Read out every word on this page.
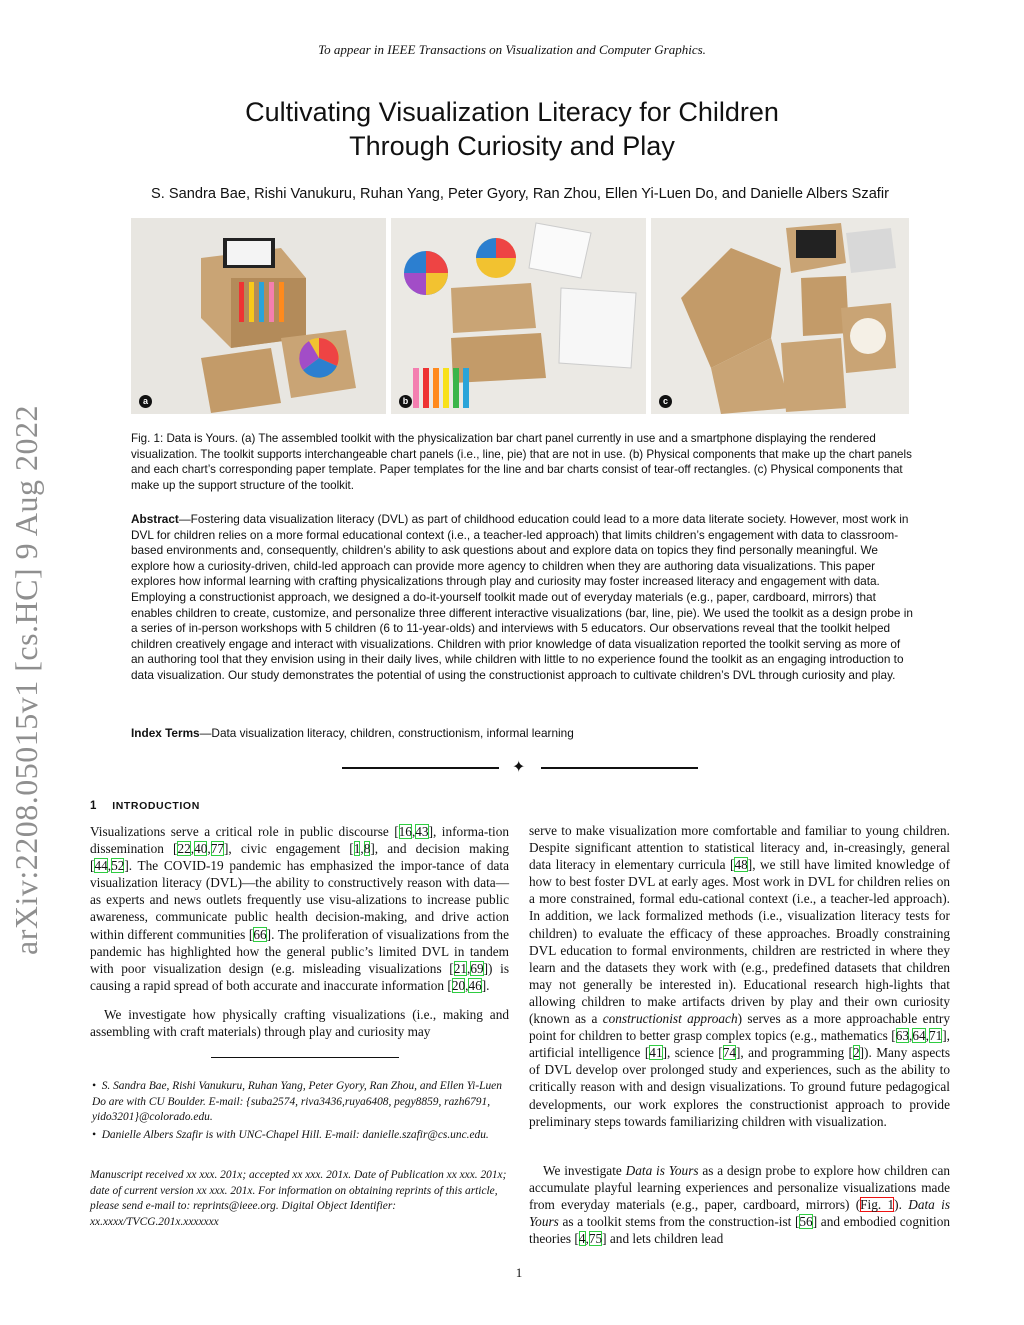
To appear in IEEE Transactions on Visualization and Computer Graphics.
Cultivating Visualization Literacy for Children
Through Curiosity and Play
S. Sandra Bae, Rishi Vanukuru, Ruhan Yang, Peter Gyory, Ran Zhou, Ellen Yi-Luen Do, and Danielle Albers Szafir
arXiv:2208.05015v1 [cs.HC] 9 Aug 2022
a	b	c

Fig. 1: Data is Yours. (a) The assembled toolkit with the physicalization bar chart panel currently in use and a smartphone displaying the rendered visualization. The toolkit supports interchangeable chart panels (i.e., line, pie) that are not in use. (b) Physical components that make up the chart panels and each chart’s corresponding paper template. Paper templates for the line and bar charts consist of tear-off rectangles. (c) Physical components that make up the support structure of the toolkit.

Abstract—Fostering data visualization literacy (DVL) as part of childhood education could lead to a more data literate society. However, most work in DVL for children relies on a more formal educational context (i.e., a teacher-led approach) that limits children’s engagement with data to classroom-based environments and, consequently, children’s ability to ask questions about and explore data on topics they find personally meaningful. We explore how a curiosity-driven, child-led approach can provide more agency to children when they are authoring data visualizations. This paper explores how informal learning with crafting physicalizations through play and curiosity may foster increased literacy and engagement with data. Employing a constructionist approach, we designed a do-it-yourself toolkit made out of everyday materials (e.g., paper, cardboard, mirrors) that enables children to create, customize, and personalize three different interactive visualizations (bar, line, pie). We used the toolkit as a design probe in a series of in-person workshops with 5 children (6 to 11-year-olds) and interviews with 5 educators. Our observations reveal that the toolkit helped children creatively engage and interact with visualizations. Children with prior knowledge of data visualization reported the toolkit serving as more of an authoring tool that they envision using in their daily lives, while children with little to no experience found the toolkit as an engaging introduction to data visualization. Our study demonstrates the potential of using the constructionist approach to cultivate children’s DVL through curiosity and play.

Index Terms—Data visualization literacy, children, constructionism, informal learning

✦
1 INTRODUCTION

Visualizations serve a critical role in public discourse [16,43], informa-tion dissemination [22,40,77], civic engagement [1,8], and decision making [44,52]. The COVID-19 pandemic has emphasized the impor-tance of data visualization literacy (DVL)—the ability to constructively reason with data—as experts and news outlets frequently use visu-alizations to increase public awareness, communicate public health decision-making, and drive action within different communities [66]. The proliferation of visualizations from the pandemic has highlighted how the general public’s limited DVL in tandem with poor visualization design (e.g. misleading visualizations [21,69]) is causing a rapid spread of both accurate and inaccurate information [20,46].

We investigate how physically crafting visualizations (i.e., making and assembling with craft materials) through play and curiosity may

•  S. Sandra Bae, Rishi Vanukuru, Ruhan Yang, Peter Gyory, Ran Zhou, and Ellen Yi-Luen Do are with CU Boulder. E-mail: {suba2574, riva3436,ruya6408, pegy8859, razh6791, yido3201}@colorado.edu.

•  Danielle Albers Szafir is with UNC-Chapel Hill. E-mail: danielle.szafir@cs.unc.edu.

Manuscript received xx xxx. 201x; accepted xx xxx. 201x. Date of Publication xx xxx. 201x; date of current version xx xxx. 201x. For information on obtaining reprints of this article, please send e-mail to: reprints@ieee.org. Digital Object Identifier: xx.xxxx/TVCG.201x.xxxxxxx

serve to make visualization more comfortable and familiar to young children. Despite significant attention to statistical literacy and, in-creasingly, general data literacy in elementary curricula [48], we still have limited knowledge of how to best foster DVL at early ages. Most work in DVL for children relies on a more constrained, formal edu-cational context (i.e., a teacher-led approach). In addition, we lack formalized methods (i.e., visualization literacy tests for children) to evaluate the efficacy of these approaches. Broadly constraining DVL education to formal environments, children are restricted in where they learn and the datasets they work with (e.g., predefined datasets that children may not generally be interested in). Educational research high-lights that allowing children to make artifacts driven by play and their own curiosity (known as a constructionist approach) serves as a more approachable entry point for children to better grasp complex topics (e.g., mathematics [63,64,71], artificial intelligence [41], science [74], and programming [2]). Many aspects of DVL develop over prolonged study and experiences, such as the ability to critically reason with and design visualizations. To ground future pedagogical developments, our work explores the constructionist approach to provide preliminary steps towards familiarizing children with visualization.

We investigate Data is Yours as a design probe to explore how children can accumulate playful learning experiences and personalize visualizations made from everyday materials (e.g., paper, cardboard, mirrors) (Fig. 1). Data is Yours as a toolkit stems from the construction-ist [56] and embodied cognition theories [4,75] and lets children lead

1
